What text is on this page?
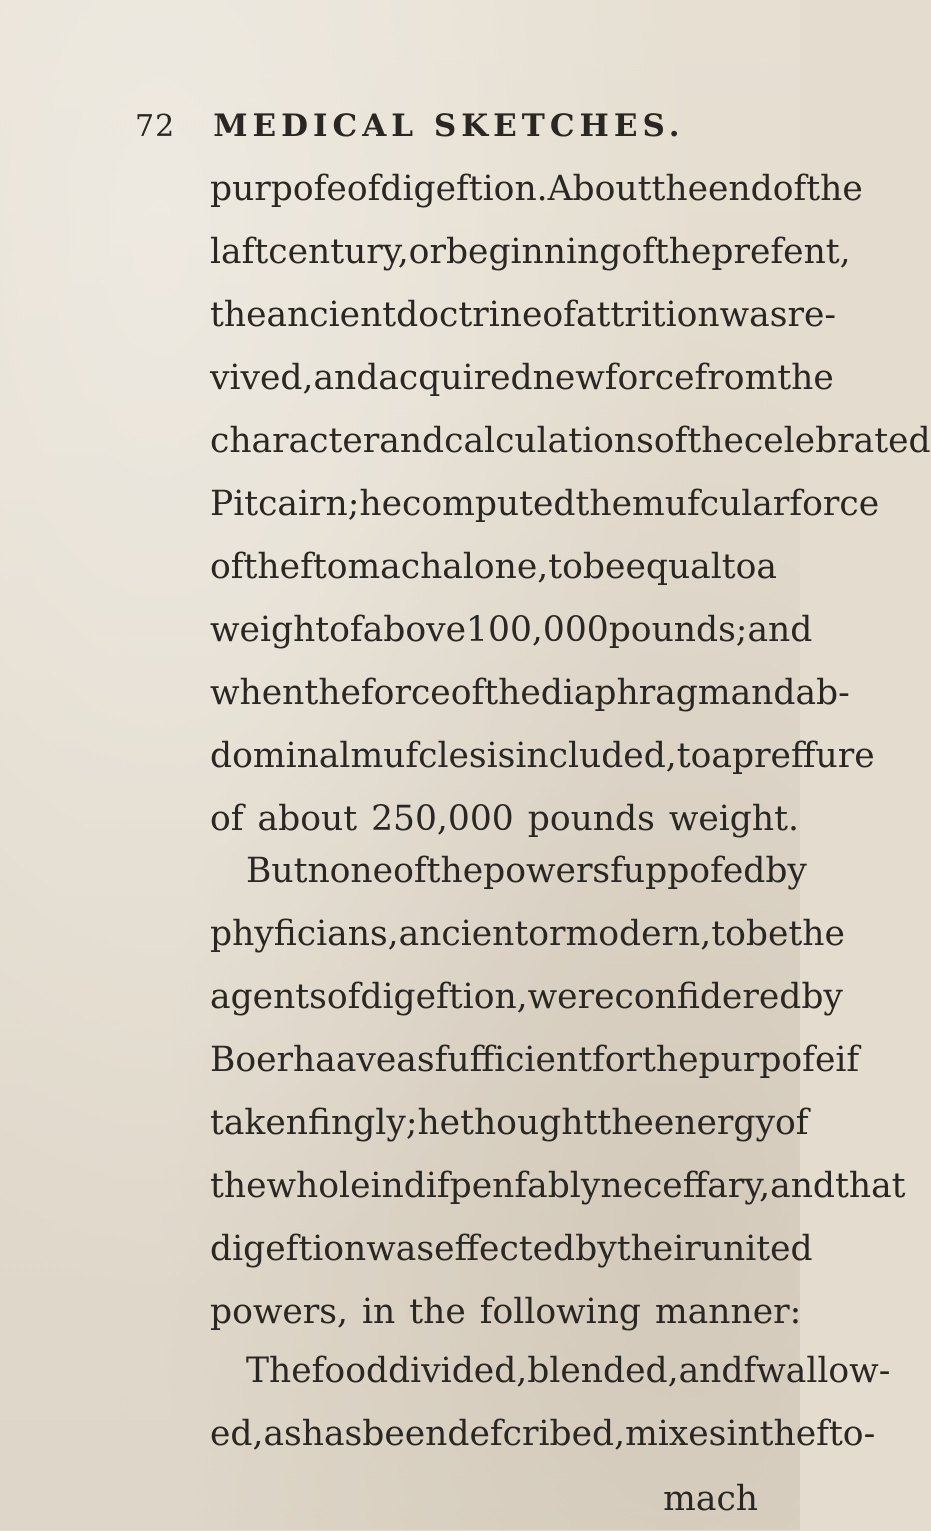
72 MEDICAL SKETCHES.
purpofe of digeftion. About the end of the
laft century, or beginning of the prefent,
the ancient doctrine of attrition was re-
vived, and acquired new force from the
character and calculations of the celebrated
Pitcairn; he computed the mufcular force
of the ftomach alone, to be equal to a
weight of above 100,000 pounds; and
when the force of the diaphragm and ab-
dominal mufcles is included, to a preffure
of about 250,000 pounds weight.
But none of the powers fuppofed by
phyficians, ancient or modern, to be the
agents of digeftion, were confidered by
Boerhaave as fufficient for the purpofe if
taken fingly; he thought the energy of
the whole indifpenfably neceffary, and that
digeftion was effected by their united
powers, in the following manner:
The food divided, blended, and fwallow-
ed, as has been defcribed, mixes in the fto-
mach
